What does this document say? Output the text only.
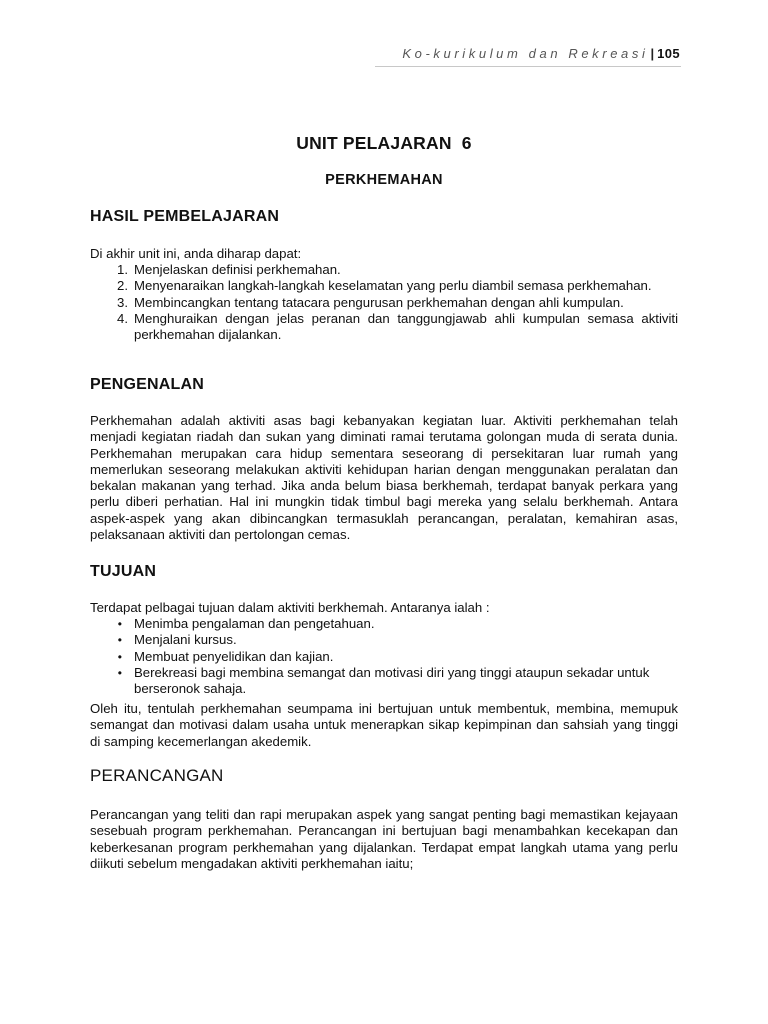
Ko-kurikulum dan Rekreasi | 105
UNIT PELAJARAN  6
PERKHEMAHAN
HASIL PEMBELAJARAN
Di akhir unit ini, anda diharap dapat:
1. Menjelaskan definisi perkhemahan.
2. Menyenaraikan langkah-langkah keselamatan yang perlu diambil semasa perkhemahan.
3. Membincangkan tentang tatacara pengurusan perkhemahan dengan ahli kumpulan.
4. Menghuraikan dengan jelas peranan dan tanggungjawab ahli kumpulan semasa aktiviti perkhemahan dijalankan.
PENGENALAN

Perkhemahan adalah aktiviti asas bagi kebanyakan kegiatan luar. Aktiviti perkhemahan telah menjadi kegiatan riadah dan sukan yang diminati ramai terutama golongan muda di serata dunia. Perkhemahan merupakan cara hidup sementara seseorang di persekitaran luar rumah yang memerlukan seseorang melakukan aktiviti kehidupan harian dengan menggunakan peralatan dan bekalan makanan yang terhad. Jika anda belum biasa berkhemah, terdapat banyak perkara yang perlu diberi perhatian. Hal ini mungkin tidak timbul bagi mereka yang selalu berkhemah. Antara aspek-aspek yang akan dibincangkan termasuklah perancangan, peralatan, kemahiran asas, pelaksanaan aktiviti dan pertolongan cemas.

TUJUAN
Terdapat pelbagai tujuan dalam aktiviti berkhemah. Antaranya ialah :
• Menimba pengalaman dan pengetahuan.
• Menjalani kursus.
• Membuat penyelidikan dan kajian.
• Berekreasi bagi membina semangat dan motivasi diri yang tinggi ataupun sekadar untuk berseronok sahaja.

Oleh itu, tentulah perkhemahan seumpama ini bertujuan untuk membentuk, membina, memupuk semangat dan motivasi dalam usaha untuk menerapkan sikap kepimpinan dan sahsiah yang tinggi di samping kecemerlangan akedemik.

PERANCANGAN

Perancangan yang teliti dan rapi merupakan aspek yang sangat penting bagi memastikan kejayaan sesebuah program perkhemahan. Perancangan ini bertujuan bagi menambahkan kecekapan dan keberkesanan program perkhemahan yang dijalankan. Terdapat empat langkah utama yang perlu diikuti sebelum mengadakan aktiviti perkhemahan iaitu;
